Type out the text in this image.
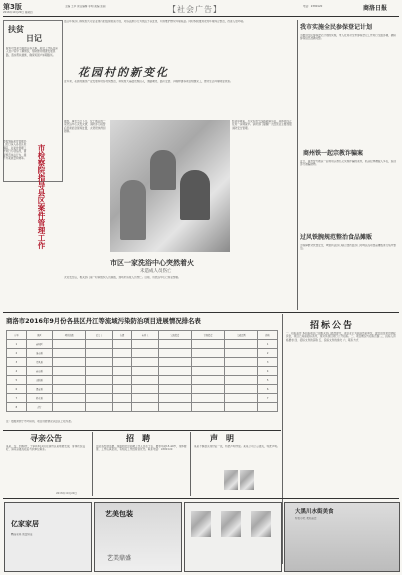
第3版
2016年10月20日 星期四
主编 王华 责任编辑 李明 美编 张丽	【社会广告】	电话：2380120	商洛日报
扶贫
日记
脱贫攻坚是当前的头等大事，驻村工作队员深入农户家中了解情况，帮助群众理清发展思路，落实帮扶措施，确保贫困户如期脱贫。
市检察院案件管理部门近日深入各县区检察院，对案件管理工作进行专项指导，督促规范执法行为，提升办案质量和效率。 市检察院指导县区案件管理工作
花园村的新变化
县区环保部门持续加大对企业排污的监督检查力度，对违法排污行为依法予以处罚，切实维护群众环境权益。同时积极推进农村环境综合整治，改善人居环境。
近年来，花园村围绕产业发展和村容村貌整治，持续加大基础设施投入，道路硬化、路灯安装、河堤修建等项目相继完工，群众生活环境明显改善。
据悉，事发当日下午，位于城区的一家洗浴中心突发火情，消防部门接警后迅速赶赴现场处置，火势很快得到控制。
经初步调查，火灾系电气线路故障引起，具体原因正在进一步调查中。消防部门提醒广大经营业主要加强消防安全管理。
市区一家洗浴中心突然着火
未造成人员伤亡
火灾发生后，相关部门第一时间组织人员疏散，现场未造成人员伤亡。目前，该洗浴中心已停业整顿。
我市实施全民参保登记计划
为推进全民参保登记计划的实施，市人社局对全市参保登记工作进行全面部署，确保参保信息准确完整。
商州铁一起宗教诈骗案
近日，商州警方破获一起利用宗教名义实施诈骗的案件，抓获犯罪嫌疑人多名，追回部分被骗财物。
过风铁腕规范整治食品摊贩
为保障群众饮食安全，城管执法部门联合食药监部门对城区流动食品摊贩进行集中整治。
商洛市2016年9月份各县区丹江等流域污染防治项目进展情况排名表
序号	县区	项目总数	已完工	在建	未开工	完成投资	计划投资	完成比例	排名
1	商州区								1
2	洛南县								2
3	丹凤县								3
4	商南县								4
5	山阳县								5
6	镇安县								6
7	柞水县								7
8	合计								
注：数据来源于市环保局，项目进展情况以县区上报为准。
招标公告
一、招标条件 本招标项目已由相关部门批准建设，项目业主为商洛市某单位，建设资金来自财政资金，项目已具备招标条件，现对该项目进行公开招标。二、项目概况与招标范围 三、投标人资格要求 四、招标文件的获取 五、投标文件的递交 六、联系方式
寻亲公告
某某，女，约60岁，于2016年9月在商州区某地被发现，身体状况良好，请其亲属见报后与我单位联系。
2016年10月20日
招　聘
因业务发展需要，现面向社会招聘工作人员若干名，要求年龄18-40岁，身体健康，工作认真负责，有相关工作经验者优先。联系电话：2380120
声　明
某某不慎遗失身份证一张，特此声明作废。某某公司公章遗失，特此声明。
亿家家居
精品家具 质量保证
艺美包装
艺美鼎盛
大黑川水街美食
特色小吃 欢迎品尝
